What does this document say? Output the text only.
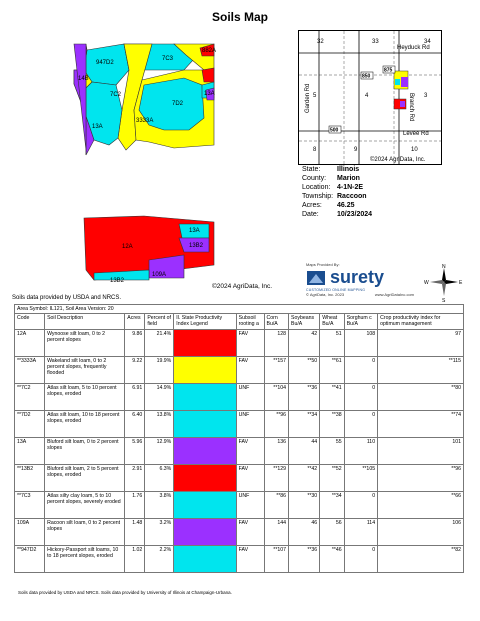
Soils Map
947D2
7C3
882A
14B
7C2
3333A
7D2
13A
13A
13A
13B2
12A
13B2
109A
©2024 AgriData, Inc.
32	33	34
5	4	3
8	9	10
Heyduck Rd
Levee Rd
Garden Rd	Branch Rd
850
875
500
©2024 AgriData, Inc.
State:	Illinois
County:	Marion
Location: 4-1N-2E
Township: Raccoon
Acres:	46.25
Date:	10/23/2024
Maps Provided By:
surety
CUSTOMIZED ONLINE MAPPING
© AgriData, Inc. 2023	www.AgriDataInc.com
N
S
W	E
Soils data provided by USDA and NRCS.
Area Symbol: IL121, Soil Area Version: 20										
Code	Soil Description	Acres	Percent of field	Il. State Productivity Index Legend	Subsoil rooting a	Corn Bu/A	Soybeans Bu/A	Wheat Bu/A	Sorghum c Bu/A	Crop productivity index for optimum management
12A	Wynoose silt loam, 0 to 2 percent slopes	9.86	21.4%		FAV	128	42	51	108	97
**3333A	Wakeland silt loam, 0 to 2 percent slopes, frequently flooded	9.22	19.9%		FAV	**157	**50	**61	0	**115
**7C2	Atlas silt loam, 5 to 10 percent slopes, eroded	6.91	14.9%		UNF	**104	**36	**41	0	**80
**7D2	Atlas silt loam, 10 to 18 percent slopes, eroded	6.40	13.8%		UNF	**96	**34	**38	0	**74
13A	Bluford silt loam, 0 to 2 percent slopes	5.96	12.9%		FAV	136	44	55	110	101
**13B2	Bluford silt loam, 2 to 5 percent slopes, eroded	2.91	6.3%		FAV	**129	**42	**52	**105	**96
**7C3	Atlas silty clay loam, 5 to 10 percent slopes, severely eroded	1.76	3.8%		UNF	**86	**30	**34	0	**66
109A	Racoon silt loam, 0 to 2 percent slopes	1.48	3.2%		FAV	144	46	56	114	106
**947D2	Hickory-Passport silt loams, 10 to 18 percent slopes, eroded	1.02	2.2%		FAV	**107	**36	**46	0	**82
Soils data provided by USDA and NRCS. Soils data provided by University of Illinois at Champaign-Urbana.
